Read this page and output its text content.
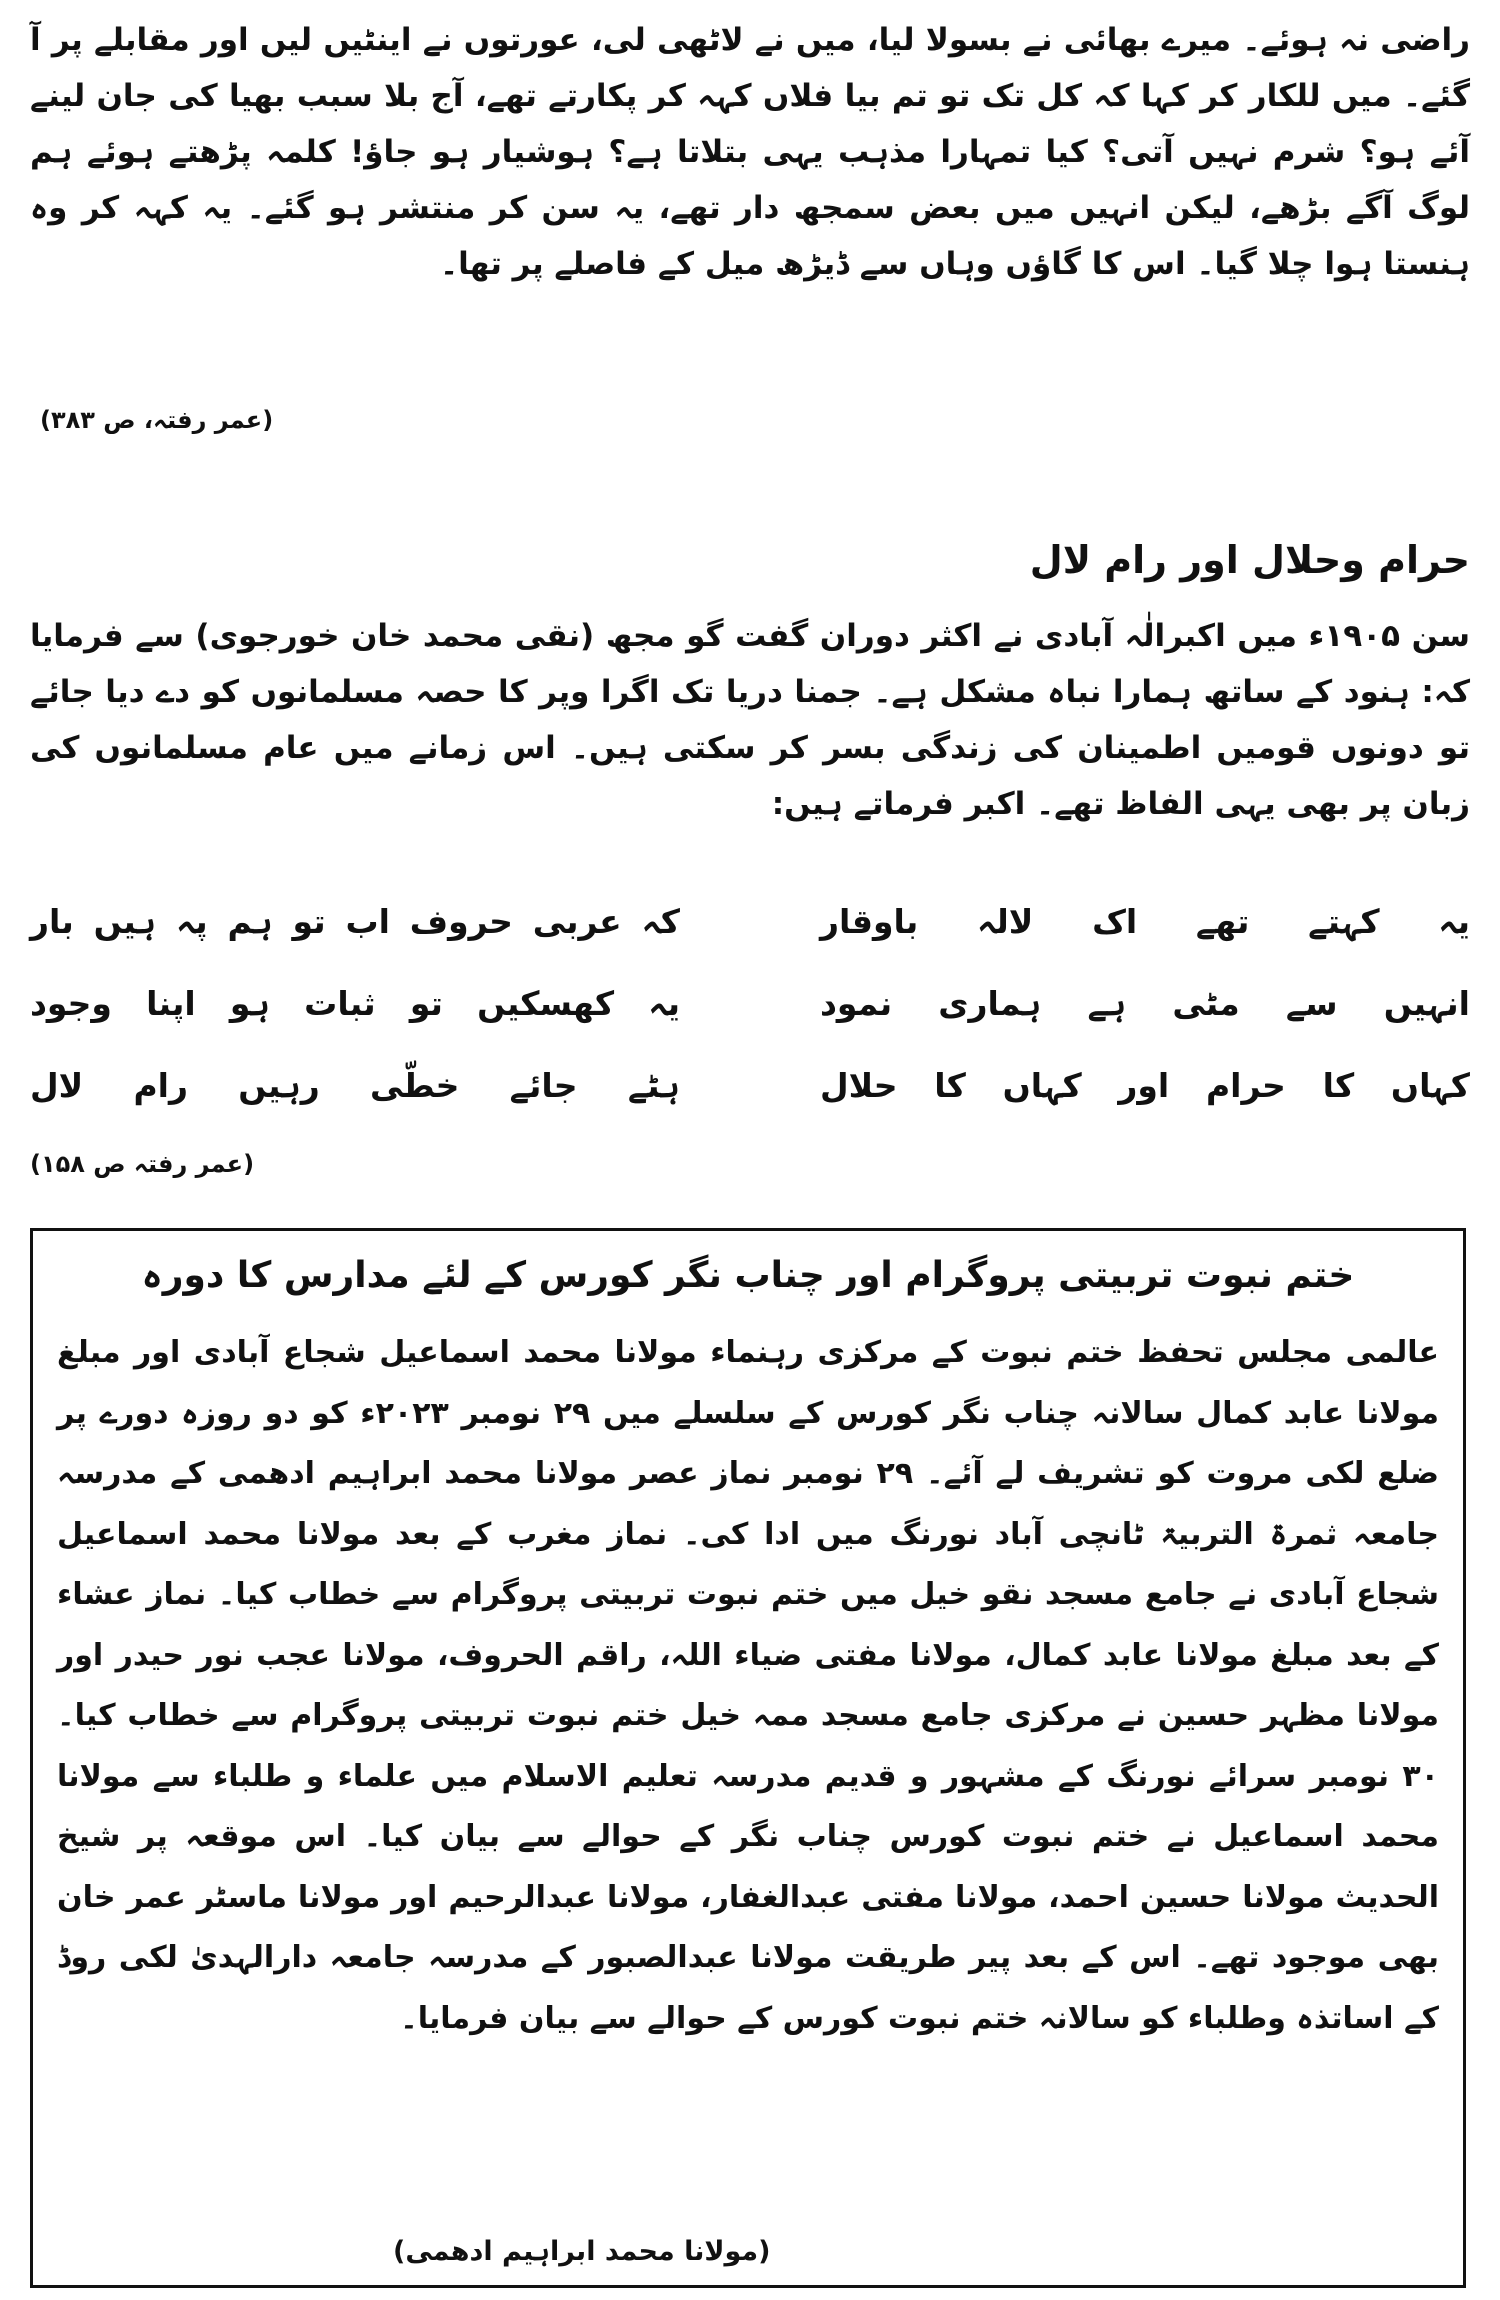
راضی نہ ہوئے۔ میرے بھائی نے بسولا لیا، میں نے لاٹھی لی، عورتوں نے اینٹیں لیں اور مقابلے پر آ گئے۔ میں للکار کر کہا کہ کل تک تو تم بیا فلاں کہہ کر پکارتے تھے، آج بلا سبب بھیا کی جان لینے آئے ہو؟ شرم نہیں آتی؟ کیا تمہارا مذہب یہی بتلاتا ہے؟ ہوشیار ہو جاؤ! کلمہ پڑھتے ہوئے ہم لوگ آگے بڑھے، لیکن انہیں میں بعض سمجھ دار تھے، یہ سن کر منتشر ہو گئے۔ یہ کہہ کر وہ ہنستا ہوا چلا گیا۔ اس کا گاؤں وہاں سے ڈیڑھ میل کے فاصلے پر تھا۔

(عمر رفتہ، ص ۳۸۳)
حرام وحلال اور رام لال

سن ۱۹۰۵ء میں اکبرالٰہ آبادی نے اکثر دوران گفت گو مجھ (نقی محمد خان خورجوی) سے فرمایا کہ: ہنود کے ساتھ ہمارا نباہ مشکل ہے۔ جمنا دریا تک اگرا وپر کا حصہ مسلمانوں کو دے دیا جائے تو دونوں قومیں اطمینان کی زندگی بسر کر سکتی ہیں۔ اس زمانے میں عام مسلمانوں کی زبان پر بھی یہی الفاظ تھے۔ اکبر فرماتے ہیں:

یہ کہتے تھے اک لالہ باوقار
کہ عربی حروف اب تو ہم پہ ہیں بار
انہیں سے مٹی ہے ہماری نمود
یہ کھسکیں تو ثبات ہو اپنا وجود
کہاں کا حرام اور کہاں کا حلال
ہٹے جائے خطّی رہیں رام لال
(عمر رفتہ ص ۱۵۸)
ختم نبوت تربیتی پروگرام اور چناب نگر کورس کے لئے مدارس کا دورہ

عالمی مجلس تحفظ ختم نبوت کے مرکزی رہنماء مولانا محمد اسماعیل شجاع آبادی اور مبلغ مولانا عابد کمال سالانہ چناب نگر کورس کے سلسلے میں ۲۹ نومبر ۲۰۲۳ء کو دو روزہ دورے پر ضلع لکی مروت کو تشریف لے آئے۔ ۲۹ نومبر نماز عصر مولانا محمد ابراہیم ادھمی کے مدرسہ جامعہ ثمرۃ التربیۃ ٹانچی آباد نورنگ میں ادا کی۔ نماز مغرب کے بعد مولانا محمد اسماعیل شجاع آبادی نے جامع مسجد نقو خیل میں ختم نبوت تربیتی پروگرام سے خطاب کیا۔ نماز عشاء کے بعد مبلغ مولانا عابد کمال، مولانا مفتی ضیاء اللہ، راقم الحروف، مولانا عجب نور حیدر اور مولانا مظہر حسین نے مرکزی جامع مسجد ممہ خیل ختم نبوت تربیتی پروگرام سے خطاب کیا۔ ۳۰ نومبر سرائے نورنگ کے مشہور و قدیم مدرسہ تعلیم الاسلام میں علماء و طلباء سے مولانا محمد اسماعیل نے ختم نبوت کورس چناب نگر کے حوالے سے بیان کیا۔ اس موقعہ پر شیخ الحدیث مولانا حسین احمد، مولانا مفتی عبدالغفار، مولانا عبدالرحیم اور مولانا ماسٹر عمر خان بھی موجود تھے۔ اس کے بعد پیر طریقت مولانا عبدالصبور کے مدرسہ جامعہ دارالہدیٰ لکی روڈ کے اساتذہ وطلباء کو سالانہ ختم نبوت کورس کے حوالے سے بیان فرمایا۔

(مولانا محمد ابراہیم ادھمی)
